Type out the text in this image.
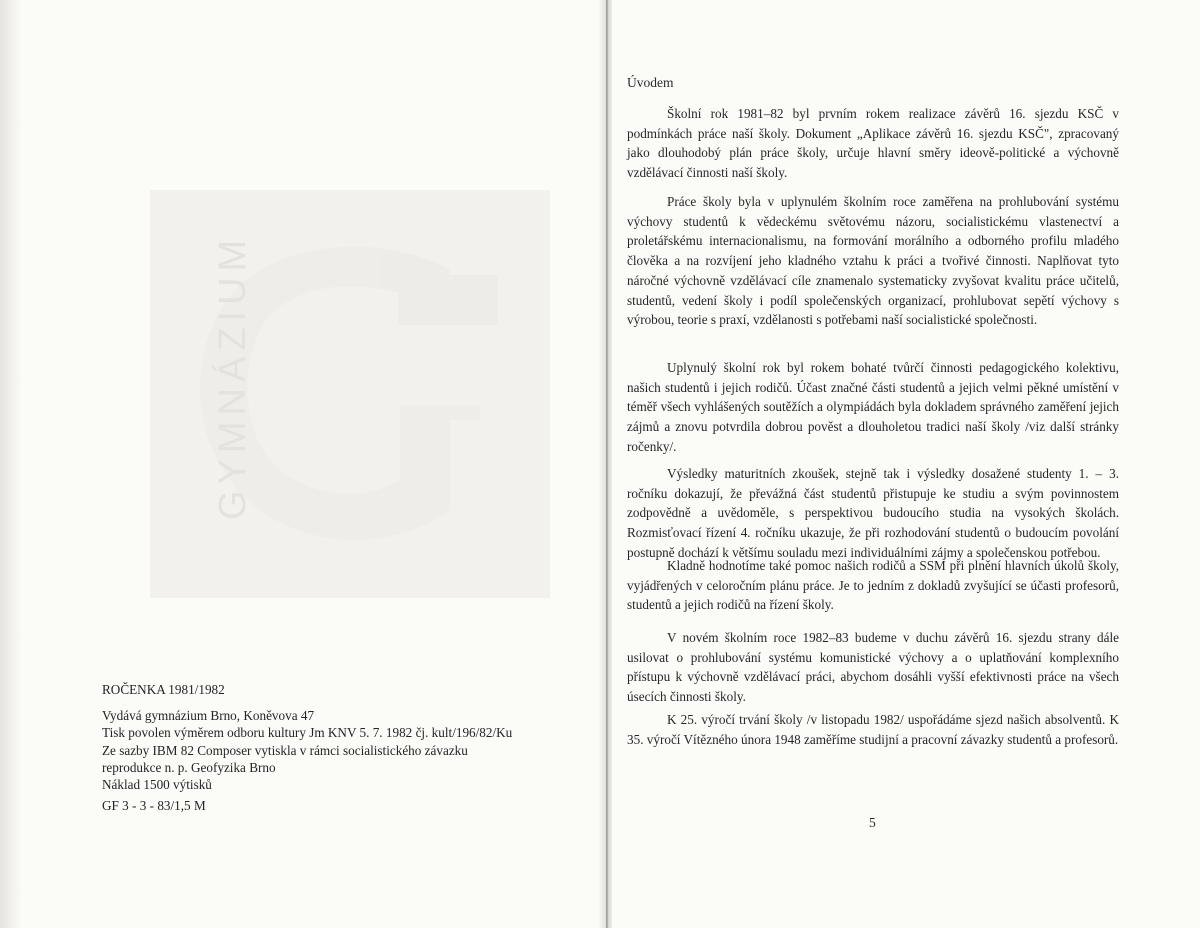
GYMNÁZIUM
ROČENKA 1981/1982
Vydává gymnázium Brno, Koněvova 47
Tisk povolen výměrem odboru kultury Jm KNV 5. 7. 1982 čj. kult/196/82/Ku
Ze sazby IBM 82 Composer vytiskla v rámci socialistického závazku
reprodukce n. p. Geofyzika Brno
Náklad 1500 výtisků
GF 3 - 3 - 83/1,5 M
Úvodem

Školní rok 1981–82 byl prvním rokem realizace závěrů 16. sjezdu KSČ v podmínkách práce naší školy. Dokument „Aplikace závěrů 16. sjezdu KSČ", zpracovaný jako dlouhodobý plán práce školy, určuje hlavní směry ideově-politické a výchovně vzdělávací činnosti naší školy.

Práce školy byla v uplynulém školním roce zaměřena na prohlubování systému výchovy studentů k vědeckému světovému názoru, socialistickému vlastenectví a proletářskému internacionalismu, na formování morálního a odborného profilu mladého člověka a na rozvíjení jeho kladného vztahu k práci a tvořivé činnosti. Naplňovat tyto náročné výchovně vzdělávací cíle znamenalo systematicky zvyšovat kvalitu práce učitelů, studentů, vedení školy i podíl společenských organizací, prohlubovat sepětí výchovy s výrobou, teorie s praxí, vzdělanosti s potřebami naší socialistické společnosti.

Uplynulý školní rok byl rokem bohaté tvůrčí činnosti pedagogického kolektivu, našich studentů i jejich rodičů. Účast značné části studentů a jejich velmi pěkné umístění v téměř všech vyhlášených soutěžích a olympiádách byla dokladem správného zaměření jejich zájmů a znovu potvrdila dobrou pověst a dlouholetou tradici naší školy /viz další stránky ročenky/.

Výsledky maturitních zkoušek, stejně tak i výsledky dosažené studenty 1. – 3. ročníku dokazují, že převážná část studentů přistupuje ke studiu a svým povinnostem zodpovědně a uvědoměle, s perspektivou budoucího studia na vysokých školách. Rozmisťovací řízení 4. ročníku ukazuje, že při rozhodování studentů o budoucím povolání postupně dochází k většímu souladu mezi individuálními zájmy a společenskou potřebou.

Kladně hodnotíme také pomoc našich rodičů a SSM při plnění hlavních úkolů školy, vyjádřených v celoročním plánu práce. Je to jedním z dokladů zvyšující se účasti profesorů, studentů a jejich rodičů na řízení školy.

V novém školním roce 1982–83 budeme v duchu závěrů 16. sjezdu strany dále usilovat o prohlubování systému komunistické výchovy a o uplatňování komplexního přístupu k výchovně vzdělávací práci, abychom dosáhli vyšší efektivnosti práce na všech úsecích činnosti školy.

K 25. výročí trvání školy /v listopadu 1982/ uspořádáme sjezd našich absolventů. K 35. výročí Vítězného února 1948 zaměříme studijní a pracovní závazky studentů a profesorů.

5
